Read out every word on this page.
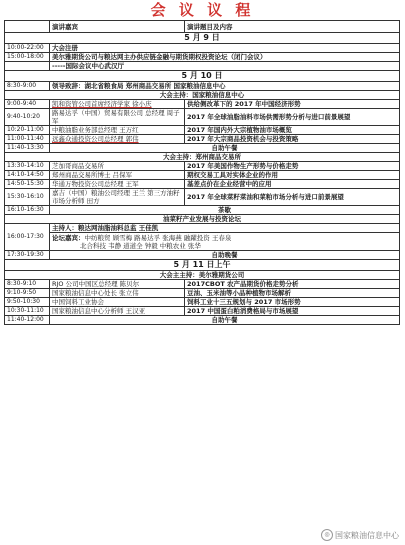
会 议 议 程
	演讲嘉宾	演讲题目及内容
5 月 9 日		
10:00-22:00	大会注册	
15:00-18:00	美尔雅期货公司与粮达网主办供应链金融与期货期权投资论坛（闭门会议）	
	-----国际会议中心武汉厅	
5 月 10 日		
8:30-9:00	领导致辞：湖北省粮食局 郑州商品交易所 国家粮油信息中心	
大会主持：国家粮油信息中心		
9:00-9:40	凯和资管公司首席经济学家 徐小庆	供给侧改革下的 2017 年中国经济形势
9:40-10:20	路易达孚（中国）贸易有限公司 总经理 周子军	2017 年全球油脂油料市场供需形势分析与进口前景展望
10:20-11:00	中粮油脂业务部总经理 王万红	2017 年国内外大宗植物油市场概览
11:00-11:40	远鑫众通投资公司总经理 郭伟	2017 年大宗商品投资机会与投资策略
11:40-13:30	自助午餐	
大会主持：郑州商品交易所		
13:30-14:10	芝加哥商品交易所	2017 年美国作物生产形势与价格走势
14:10-14:50	郑州商品交易所博士 吕保军	期权交易工具对实体企业的作用
14:50-15:30	华通万物投资公司总经理 王军	基差点价在企业经营中的应用
15:30-16:10	嘉吉（中国）粮油公司经理 王兰 第三方油籽市场分析师 田方	2017 年全球菜籽菜油和菜粕市场分析与进口前景展望
16:10-16:30	茶歇	
油菜籽产业发展与投资论坛		
16:00-17:30	主持人：粮达网油脂油料总监 王佳凯	
	论坛嘉宾：中纺粮贸 顾雪梅 路易达孚 张海燕 融躍投资 王春泉
北合科技 韦静 道道全 钟毅 中粮农业 张华	
17:30-19:30	自助晚餐	
5 月 11 日上午		
大会主主持：美尔雅期货公司		
8:30-9:10	RJO 公司中国区总经理 陈贝尔	2017CBOT 农产品期货价格走势分析
9:10-9:50	国家粮油信息中心处长 张立伟	豆油、玉米油等小品种植物市场解析
9:50-10:30	中国饲料工业协会	饲料工业十三五规划与 2017 市场形势
10:30-11:10	国家粮油信息中心分析师 王汉亚	2017 中国蛋白粕消费格局与市场展望
11:40-12:00	自助午餐	
◎ 国家粮油信息中心
